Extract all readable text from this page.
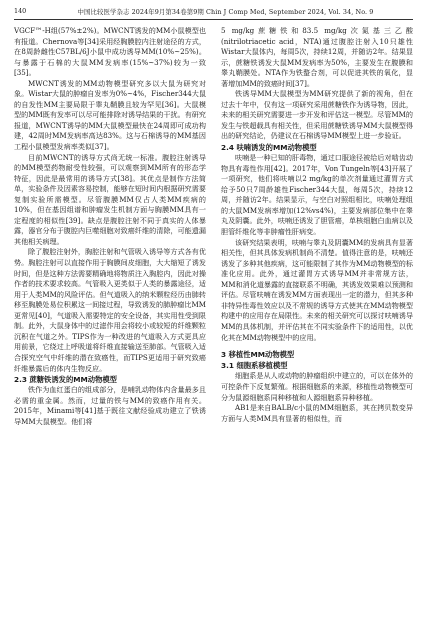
140	中国比较医学杂志 2024年9月第34卷第9期 Chin J Comp Med, September 2024, Vol. 34, No. 9

VGCF™-H组(57%±2%)。MWCNT诱发的MM小鼠模型也有报道。Chernova等[34]采用经胸膜腔内注射途径的方式，在8周龄雌性C57BL/6J小鼠中成功诱导MM(10%~25%)。与暴露于石棉的大鼠MM发病率(15%~37%)较为一致[35]。

MWCNT诱发的MM动物模型研究多以大鼠为研究对象。Wistar大鼠的肿瘤自发率为0%~4%，Fischer344大鼠的自发性MM主要局限于睾丸鞘膜且较为罕见[36]。大鼠模型的MM既有发率可以尽可能排除对诱导结果的干扰。有研究报道，MWCNT诱导的MM大鼠模型最快在24周即可成功构建，42周时MM发病率高达83%。这与石棉诱导的MM基因工程小鼠模型发病率类似[37]。

目前MWCNT的诱导方式尚无统一标准。腹腔注射诱导的MM模型药物耐受性较强，可以观察到MM所有的形态学特征，因此是最常用的诱导方式[38]。其优点是制作方法简单，实验条件及因素容易控制，能够在短时间内根据研究需要复制实验所需模型。尽管腹膜MM仅占人类MM疾病的10%，但在基因组谱和肿瘤发生机制方面与胸膜MM具有一定程度的相似性[39]。缺点是腹腔注射不同于真实的人体暴露，器官分布于腹腔内巨噬细胞对致癌纤维的清除，可能遗漏其他相关病理。

除了腹腔注射外，胸腔注射和气管吸入诱导等方式各有优势。胸腔注射可以直接作用于胸膜间皮细胞，大大缩短了诱发时间，但是这种方法需要精确地将物质注入胸腔内，因此对操作者的技术要求较高。气管吸入更类似于人类的暴露途径，适用于人类MM的风险评估。但气道吸入的纳米颗粒经历由肺转移至胸膜处易位积累这一间接过程，导致诱发的肺肿瘤比MM更常见[40]，气道吸入需要特定的安全设备，其实用性受到限制。此外，大鼠身体中的过滤作用会将较小或较短的纤维颗粒沉积在气道之外。TIPS作为一种改进的气道吸入方式更具应用前景，它绕过上呼吸道将纤维直接输送至肺部。气管吸入适合探究空气中纤维的潜在致癌性，而TIPS更适用于研究致癌纤维暴露后的体内生物反应。

2.3 蔗糖铁诱发的MM动物模型

铁作为血红蛋白的组成部分，是哺乳动物体内含量最多且必需的重金属。然而，过量的铁与MM的致癌作用有关。2015年，Minami等[41]基于既往文献经验成功建立了铁诱导MM大鼠模型。他们将

5 mg/kg蔗糖铁和83.5 mg/kg次氮基三乙酸(nitrilotriacetic acid，NTA)通过腹腔注射入10只雄性Wistar大鼠体内，每周5次，持续12周，并随访2年。结果显示，蔗糖铁诱发大鼠MM发病率为50%，主要发生在腹膜和睾丸鞘膜处。NTA作为铁螯合剂，可以促进其铁的氧化，显著增加MM的致癌时间[37]。

铁诱导MM大鼠模型为MM研究提供了新的视角，但在过去十年中，仅有这一项研究采用蔗糖铁作为诱导物，因此，未来的相关研究需要进一步开发和评估这一模型。尽管MM的发生与铁超载具有相关性，但采用蔗糖铁诱导MM大鼠模型得出的研究结论，仍建议在石棉诱导MM模型上进一步验证。

2.4 呋喃诱发的MM动物模型

呋喃是一种已知的肝毒物，通过口服途径被给后对啮齿动物具有毒性作用[42]。2017年，Von Tungeln等[43]开展了一项研究，他们将呋喃以2 mg/kg的单次剂量通过灌胃方式给予50只7周龄雄性Fischer344大鼠，每周5次，持续12周，并随访2年。结果显示，与空白对照组相比，呋喃处理组的大鼠MM发病率增加(12%vs4%)，主要发病部位集中在睾丸及阴囊。此外，呋喃还诱发了胆管癌，单核细胞白血病以及胆管纤维化等非肿瘤性肝病变。

该研究结果表明，呋喃与睾丸及阴囊MM的发病具有显著相关性，但其具体发病机制尚不清楚。值得注意的是，呋喃还诱发了多种其他疾病，这可能限制了其作为MM动物模型的标准化应用。此外，通过灌胃方式诱导MM并非常规方法，MM和消化道暴露的直接联系不明确，其诱发效果难以预测和评估。尽管呋喃在诱发MM方面表现出一定的潜力，但其多种非特异性毒性效应以及不常规的诱导方式使其在MM动物模型构建中的应用存在局限性。未来的相关研究可以探讨呋喃诱导MM的具体机制，并评估其在不同实验条件下的适用性，以优化其在MM动物模型中的应用。

3 移植性MM动物模型
3.1 细胞系移植模型

细胞系是从人或动物的肿瘤组织中建立的，可以在体外的可控条件下反复繁殖。根据细胞系的来源，移植性动物模型可分为鼠源细胞系同种移植和人源细胞系异种移植。

AB1是来自BALB/c小鼠的MM细胞系，其在拷贝数变异方面与人类MM具有显著的相似性，而
